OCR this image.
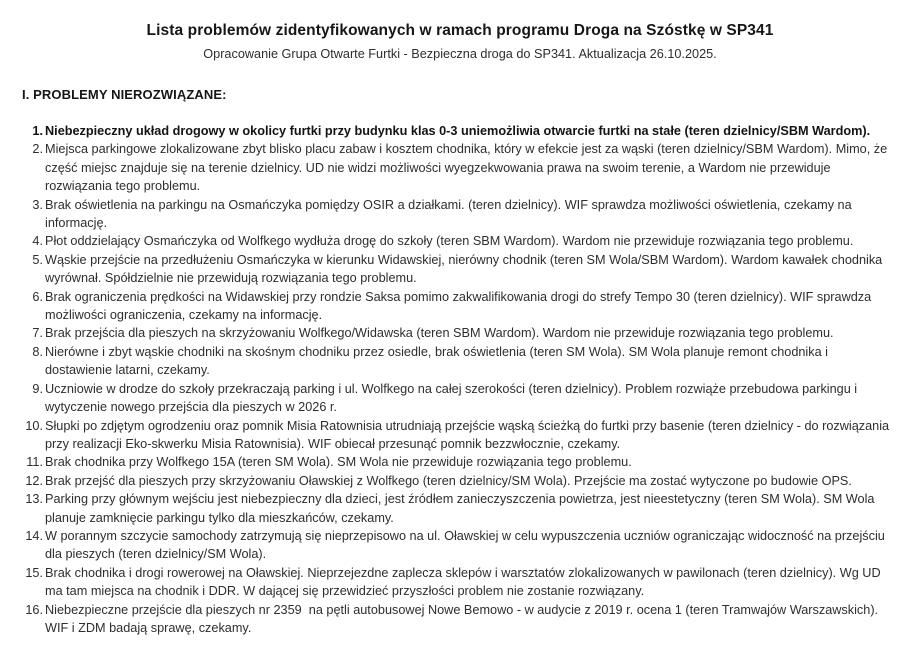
Lista problemów zidentyfikowanych w ramach programu Droga na Szóstkę w SP341
Opracowanie Grupa Otwarte Furtki - Bezpieczna droga do SP341. Aktualizacja 26.10.2025.
I. PROBLEMY NIEROZWIĄZANE:
1. Niebezpieczny układ drogowy w okolicy furtki przy budynku klas 0-3 uniemożliwia otwarcie furtki na stałe (teren dzielnicy/SBM Wardom).
2. Miejsca parkingowe zlokalizowane zbyt blisko placu zabaw i kosztem chodnika, który w efekcie jest za wąski (teren dzielnicy/SBM Wardom). Mimo, że część miejsc znajduje się na terenie dzielnicy. UD nie widzi możliwości wyegzekwowania prawa na swoim terenie, a Wardom nie przewiduje rozwiązania tego problemu.
3. Brak oświetlenia na parkingu na Osmańczyka pomiędzy OSIR a działkami. (teren dzielnicy). WIF sprawdza możliwości oświetlenia, czekamy na informację.
4. Płot oddzielający Osmańczyka od Wolfkego wydłuża drogę do szkoły (teren SBM Wardom). Wardom nie przewiduje rozwiązania tego problemu.
5. Wąskie przejście na przedłużeniu Osmańczyka w kierunku Widawskiej, nierówny chodnik (teren SM Wola/SBM Wardom). Wardom kawałek chodnika wyrównał. Spółdzielnie nie przewidują rozwiązania tego problemu.
6. Brak ograniczenia prędkości na Widawskiej przy rondzie Saksa pomimo zakwalifikowania drogi do strefy Tempo 30 (teren dzielnicy). WIF sprawdza możliwości ograniczenia, czekamy na informację.
7. Brak przejścia dla pieszych na skrzyżowaniu Wolfkego/Widawska (teren SBM Wardom). Wardom nie przewiduje rozwiązania tego problemu.
8. Nierówne i zbyt wąskie chodniki na skośnym chodniku przez osiedle, brak oświetlenia (teren SM Wola). SM Wola planuje remont chodnika i dostawienie latarni, czekamy.
9. Uczniowie w drodze do szkoły przekraczają parking i ul. Wolfkego na całej szerokości (teren dzielnicy). Problem rozwiąże przebudowa parkingu i wytyczenie nowego przejścia dla pieszych w 2026 r.
10. Słupki po zdjętym ogrodzeniu oraz pomnik Misia Ratownisia utrudniają przejście wąską ścieżką do furtki przy basenie (teren dzielnicy - do rozwiązania przy realizacji Eko-skwerku Misia Ratownisia). WIF obiecał przesunąć pomnik bezzwłocznie, czekamy.
11. Brak chodnika przy Wolfkego 15A (teren SM Wola). SM Wola nie przewiduje rozwiązania tego problemu.
12. Brak przejść dla pieszych przy skrzyżowaniu Oławskiej z Wolfkego (teren dzielnicy/SM Wola). Przejście ma zostać wytyczone po budowie OPS.
13. Parking przy głównym wejściu jest niebezpieczny dla dzieci, jest źródłem zanieczyszczenia powietrza, jest nieestetyczny (teren SM Wola). SM Wola planuje zamknięcie parkingu tylko dla mieszkańców, czekamy.
14. W porannym szczycie samochody zatrzymują się nieprzepisowo na ul. Oławskiej w celu wypuszczenia uczniów ograniczając widoczność na przejściu dla pieszych (teren dzielnicy/SM Wola).
15. Brak chodnika i drogi rowerowej na Oławskiej. Nieprzejezdne zaplecza sklepów i warsztatów zlokalizowanych w pawilonach (teren dzielnicy). Wg UD ma tam miejsca na chodnik i DDR. W dającej się przewidzieć przyszłości problem nie zostanie rozwiązany.
16. Niebezpieczne przejście dla pieszych nr 2359  na pętli autobusowej Nowe Bemowo - w audycie z 2019 r. ocena 1 (teren Tramwajów Warszawskich). WIF i ZDM badają sprawę, czekamy.
